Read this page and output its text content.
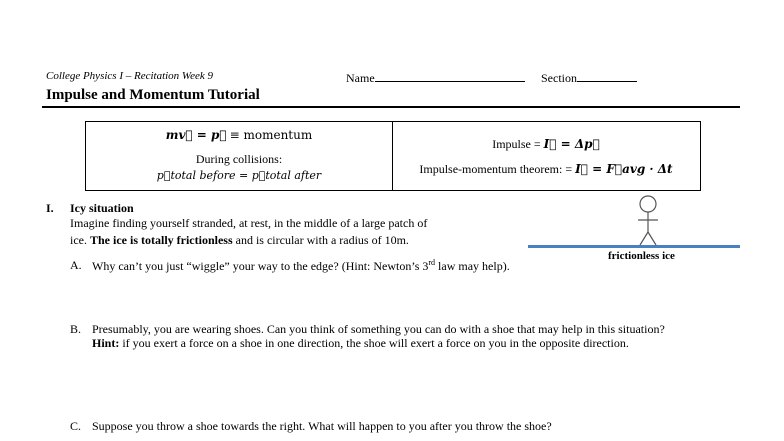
College Physics I – Recitation Week 9	Name	Section
Impulse and Momentum Tutorial
mv⃗ = p⃗ ≡ momentum
During collisions:
p⃗total before = p⃗total after
Impulse = I⃗ = Δp⃗
Impulse-momentum theorem: = I⃗ = F⃗avg · Δt
I. Icy situation
Imagine finding yourself stranded, at rest, in the middle of a large patch of
ice. The ice is totally frictionless and is circular with a radius of 10m.
frictionless ice
A. Why can’t you just “wiggle” your way to the edge? (Hint: Newton’s 3rd law may help).
B. Presumably, you are wearing shoes. Can you think of something you can do with a shoe that may help in this situation?
Hint: if you exert a force on a shoe in one direction, the shoe will exert a force on you in the opposite direction.
C. Suppose you throw a shoe towards the right. What will happen to you after you throw the shoe?
